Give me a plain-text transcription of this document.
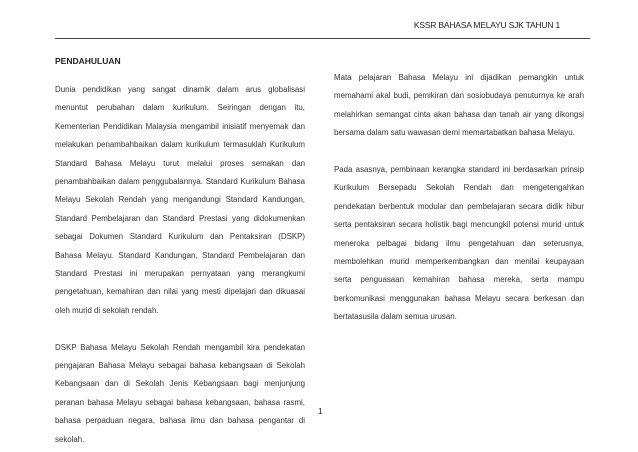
KSSR BAHASA MELAYU SJK TAHUN 1
PENDAHULUAN

Dunia pendidikan yang sangat dinamik dalam arus globalisasi menuntut perubahan dalam kurikulum. Seiringan dengan itu, Kementerian Pendidikan Malaysia mengambil inisiatif menyemak dan melakukan penambahbaikan dalam kurikulum termasuklah Kurikulum Standard Bahasa Melayu turut melalui proses semakan dan penambahbaikan dalam penggubalannya. Standard Kurikulum Bahasa Melayu Sekolah Rendah yang mengandungi Standard Kandungan, Standard Pembelajaran dan Standard Prestasi yang didokumenkan sebagai Dokumen Standard Kurikulum dan Pentaksiran (DSKP) Bahasa Melayu. Standard Kandungan, Standard Pembelajaran dan Standard Prestasi ini merupakan pernyataan yang merangkumi pengetahuan, kemahiran dan nilai yang mesti dipelajari dan dikuasai oleh murid di sekolah rendah.

DSKP Bahasa Melayu Sekolah Rendah mengambil kira pendekatan pengajaran Bahasa Melayu sebagai bahasa kebangsaan di Sekolah Kebangsaan dan di Sekolah Jenis Kebangsaan bagi menjunjung peranan bahasa Melayu sebagai bahasa kebangsaan, bahasa rasmi, bahasa perpaduan negara, bahasa ilmu dan bahasa pengantar di sekolah.

Mata pelajaran Bahasa Melayu ini dijadikan pemangkin untuk memahami akal budi, pemikiran dan sosiobudaya penuturnya ke arah melahirkan semangat cinta akan bahasa dan tanah air yang dikongsi bersama dalam satu wawasan demi memartabatkan bahasa Melayu.

Pada asasnya, pembinaan kerangka standard ini berdasarkan prinsip Kurikulum Bersepadu Sekolah Rendah dan mengetengahkan pendekatan berbentuk modular dan pembelajaran secara didik hibur serta pentaksiran secara holistik bagi mencungkil potensi murid untuk meneroka pelbagai bidang ilmu pengetahuan dan seterusnya, membolehkan murid memperkembangkan dan menilai keupayaan serta penguasaan kemahiran bahasa mereka, serta mampu berkomunikasi menggunakan bahasa Melayu secara berkesan dan bertatasusila dalam semua urusan.

1
